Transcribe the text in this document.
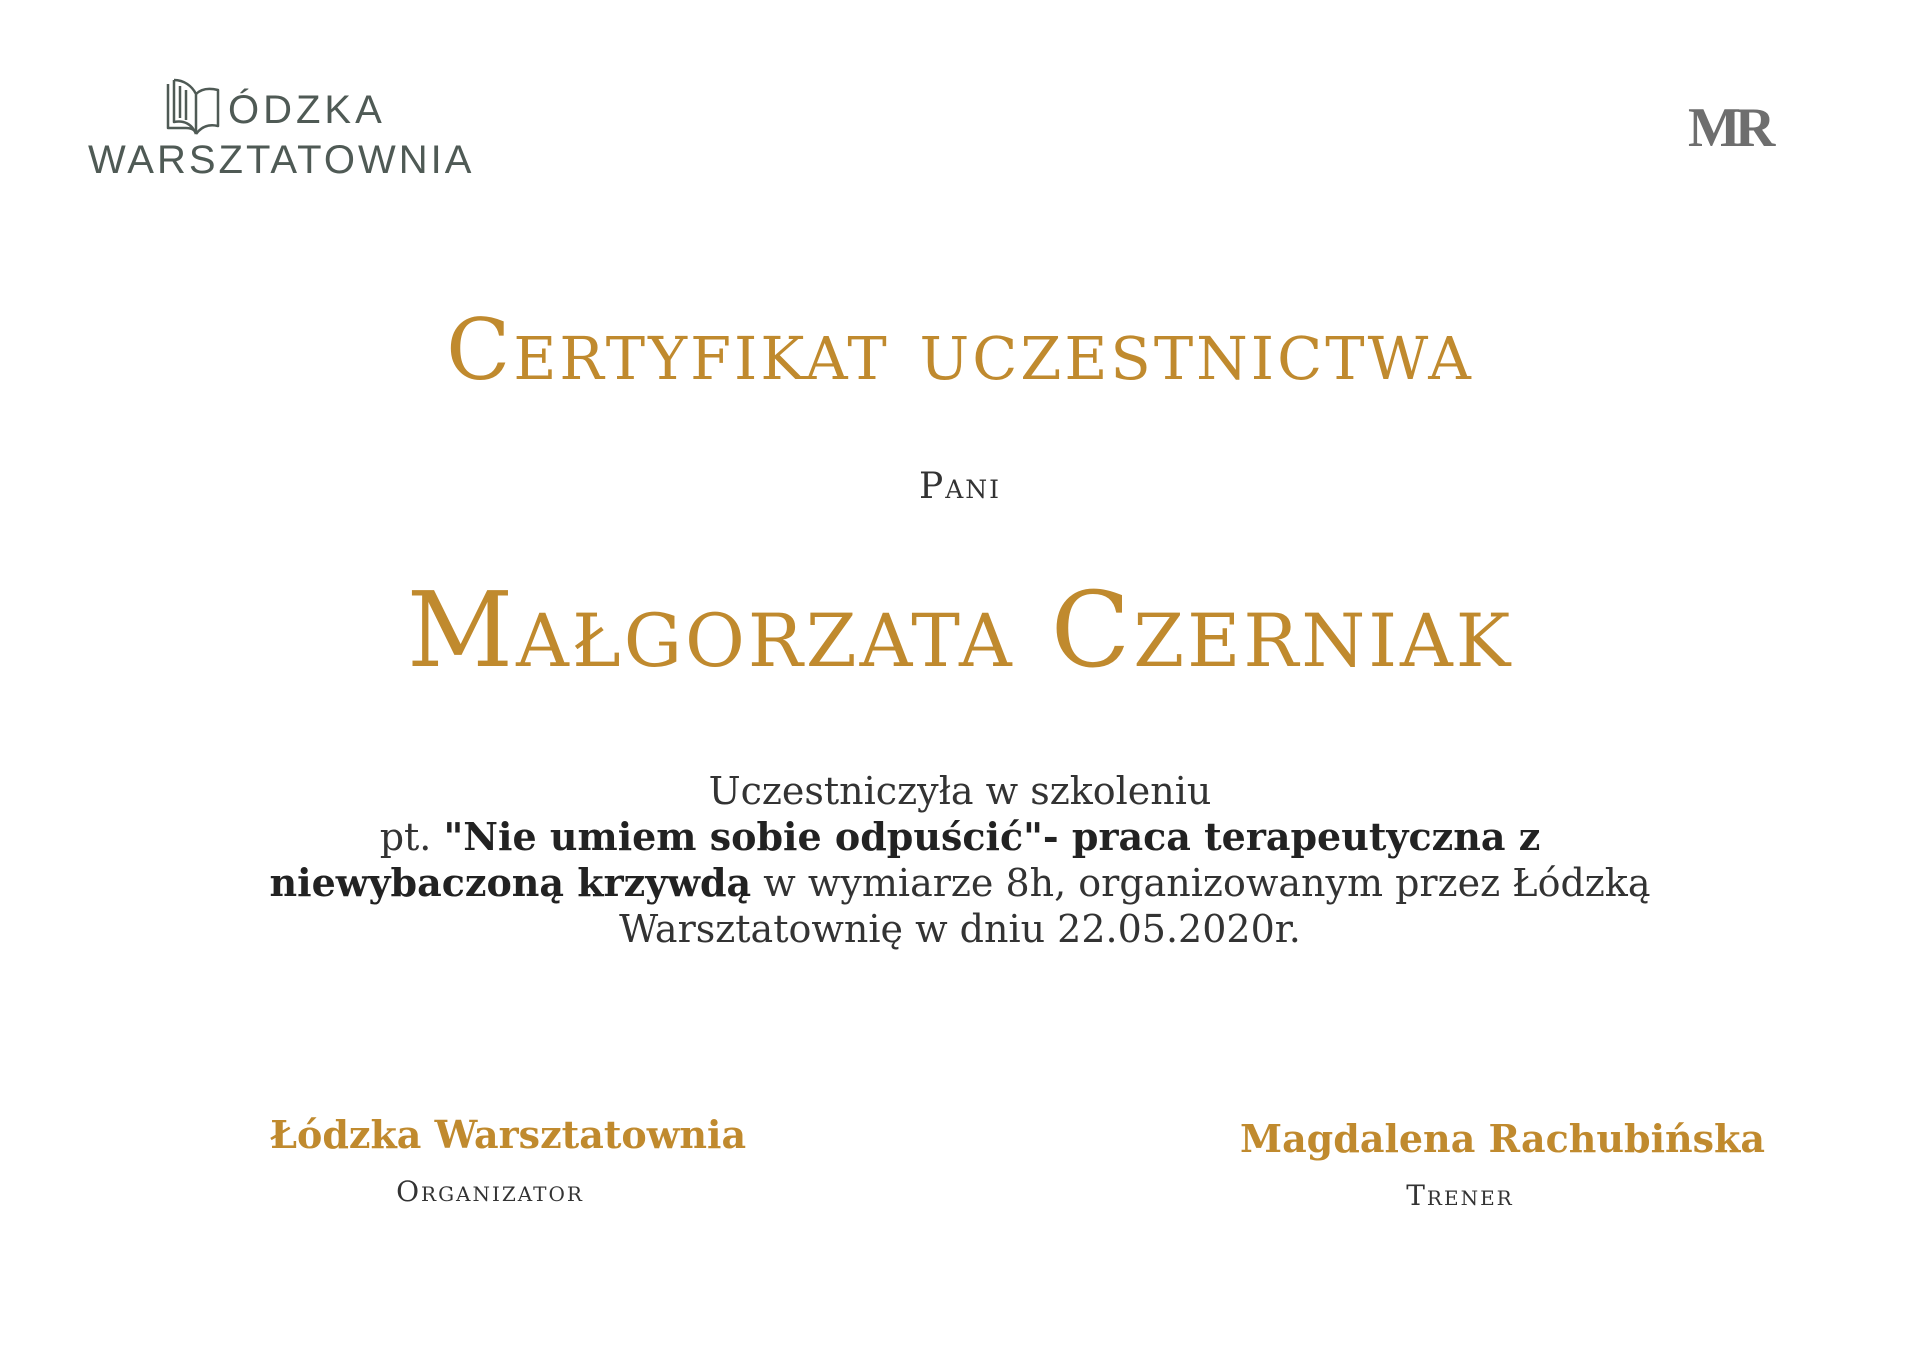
ÓDZKA
WARSZTATOWNIA
MR
Certyfikat uczestnictwa
Pani
Małgorzata Czerniak
Uczestniczyła w szkoleniu
pt. "Nie umiem sobie odpuścić"- praca terapeutyczna z niewybaczoną krzywdą w wymiarze 8h, organizowanym przez Łódzką Warsztatownię w dniu 22.05.2020r.
Łódzka Warsztatownia
Organizator
Magdalena Rachubińska
Trener
